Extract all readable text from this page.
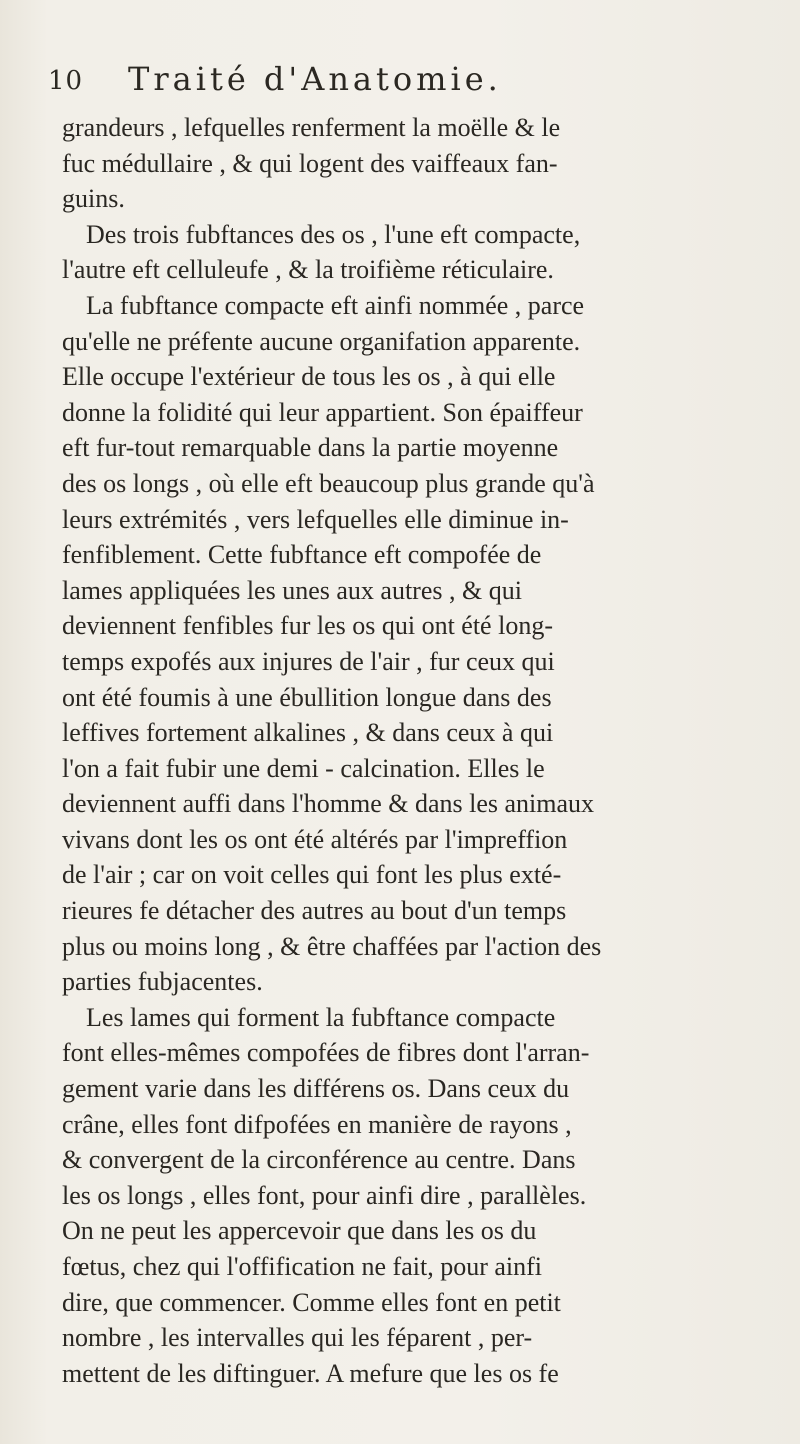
10 Traité d'Anatomie.
grandeurs , lefquelles renferment la moëlle & le
fuc médullaire , & qui logent des vaiffeaux fan-
guins.
Des trois fubftances des os , l'une eft compacte,
l'autre eft celluleufe , & la troifième réticulaire.
La fubftance compacte eft ainfi nommée , parce
qu'elle ne préfente aucune organifation apparente.
Elle occupe l'extérieur de tous les os , à qui elle
donne la folidité qui leur appartient. Son épaiffeur
eft fur-tout remarquable dans la partie moyenne
des os longs , où elle eft beaucoup plus grande qu'à
leurs extrémités , vers lefquelles elle diminue in-
fenfiblement. Cette fubftance eft compofée de
lames appliquées les unes aux autres , & qui
deviennent fenfibles fur les os qui ont été long-
temps expofés aux injures de l'air , fur ceux qui
ont été foumis à une ébullition longue dans des
leffives fortement alkalines , & dans ceux à qui
l'on a fait fubir une demi - calcination. Elles le
deviennent auffi dans l'homme & dans les animaux
vivans dont les os ont été altérés par l'impreffion
de l'air ; car on voit celles qui font les plus exté-
rieures fe détacher des autres au bout d'un temps
plus ou moins long , & être chaffées par l'action des
parties fubjacentes.
Les lames qui forment la fubftance compacte
font elles-mêmes compofées de fibres dont l'arran-
gement varie dans les différens os. Dans ceux du
crâne, elles font difpofées en manière de rayons ,
& convergent de la circonférence au centre. Dans
les os longs , elles font, pour ainfi dire , parallèles.
On ne peut les appercevoir que dans les os du
fœtus, chez qui l'offification ne fait, pour ainfi
dire, que commencer. Comme elles font en petit
nombre , les intervalles qui les féparent , per-
mettent de les diftinguer. A mefure que les os fe
